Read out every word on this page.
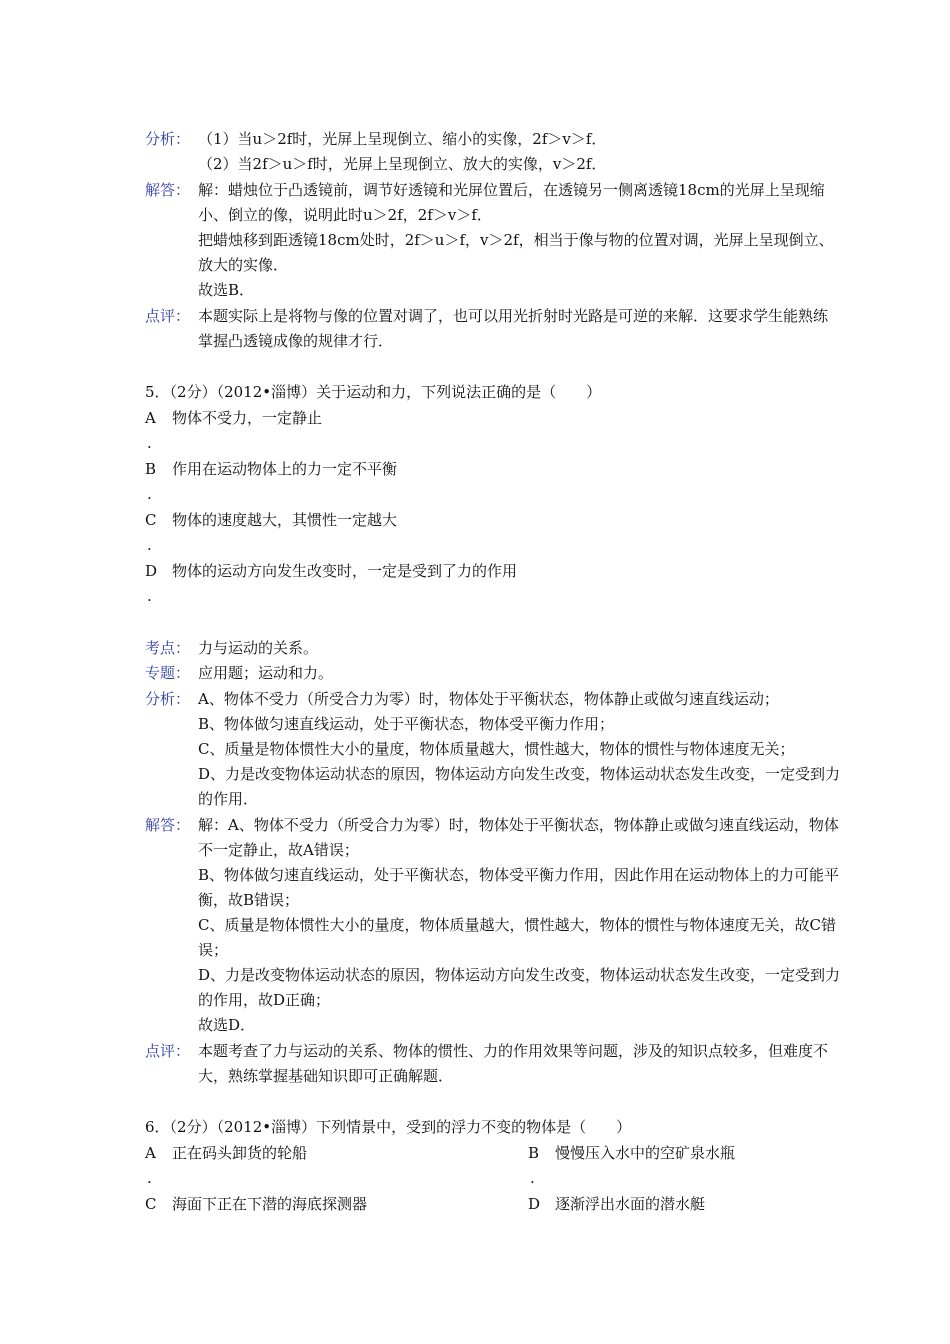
分析： （1）当u＞2f时，光屏上呈现倒立、缩小的实像，2f＞v＞f．
（2）当2f＞u＞f时，光屏上呈现倒立、放大的实像，v＞2f．
解答： 解：蜡烛位于凸透镜前，调节好透镜和光屏位置后，在透镜另一侧离透镜18cm的光屏上呈现缩
小、倒立的像，说明此时u＞2f，2f＞v＞f．
把蜡烛移到距透镜18cm处时，2f＞u＞f，v＞2f，相当于像与物的位置对调，光屏上呈现倒立、
放大的实像．
故选B．
点评： 本题实际上是将物与像的位置对调了，也可以用光折射时光路是可逆的来解．这要求学生能熟练
掌握凸透镜成像的规律才行．
5．（2分）（2012•淄博）关于运动和力，下列说法正确的是（　　）
A 物体不受力，一定静止
.
B 作用在运动物体上的力一定不平衡
.
C 物体的速度越大，其惯性一定越大
.
D 物体的运动方向发生改变时，一定是受到了力的作用
.
考点： 力与运动的关系。
专题： 应用题；运动和力。
分析： A、物体不受力（所受合力为零）时，物体处于平衡状态，物体静止或做匀速直线运动；
B、物体做匀速直线运动，处于平衡状态，物体受平衡力作用；
C、质量是物体惯性大小的量度，物体质量越大，惯性越大，物体的惯性与物体速度无关；
D、力是改变物体运动状态的原因，物体运动方向发生改变，物体运动状态发生改变，一定受到力
的作用．
解答： 解：A、物体不受力（所受合力为零）时，物体处于平衡状态，物体静止或做匀速直线运动，物体
不一定静止，故A错误；
B、物体做匀速直线运动，处于平衡状态，物体受平衡力作用，因此作用在运动物体上的力可能平
衡，故B错误；
C、质量是物体惯性大小的量度，物体质量越大，惯性越大，物体的惯性与物体速度无关，故C错
误；
D、力是改变物体运动状态的原因，物体运动方向发生改变，物体运动状态发生改变，一定受到力
的作用，故D正确；
故选D．
点评： 本题考查了力与运动的关系、物体的惯性、力的作用效果等问题，涉及的知识点较多，但难度不
大，熟练掌握基础知识即可正确解题．
6．（2分）（2012•淄博）下列情景中，受到的浮力不变的物体是（　　）
A 正在码头卸货的轮船	B 慢慢压入水中的空矿泉水瓶
.	.
C 海面下正在下潜的海底探测器	D 逐渐浮出水面的潜水艇
